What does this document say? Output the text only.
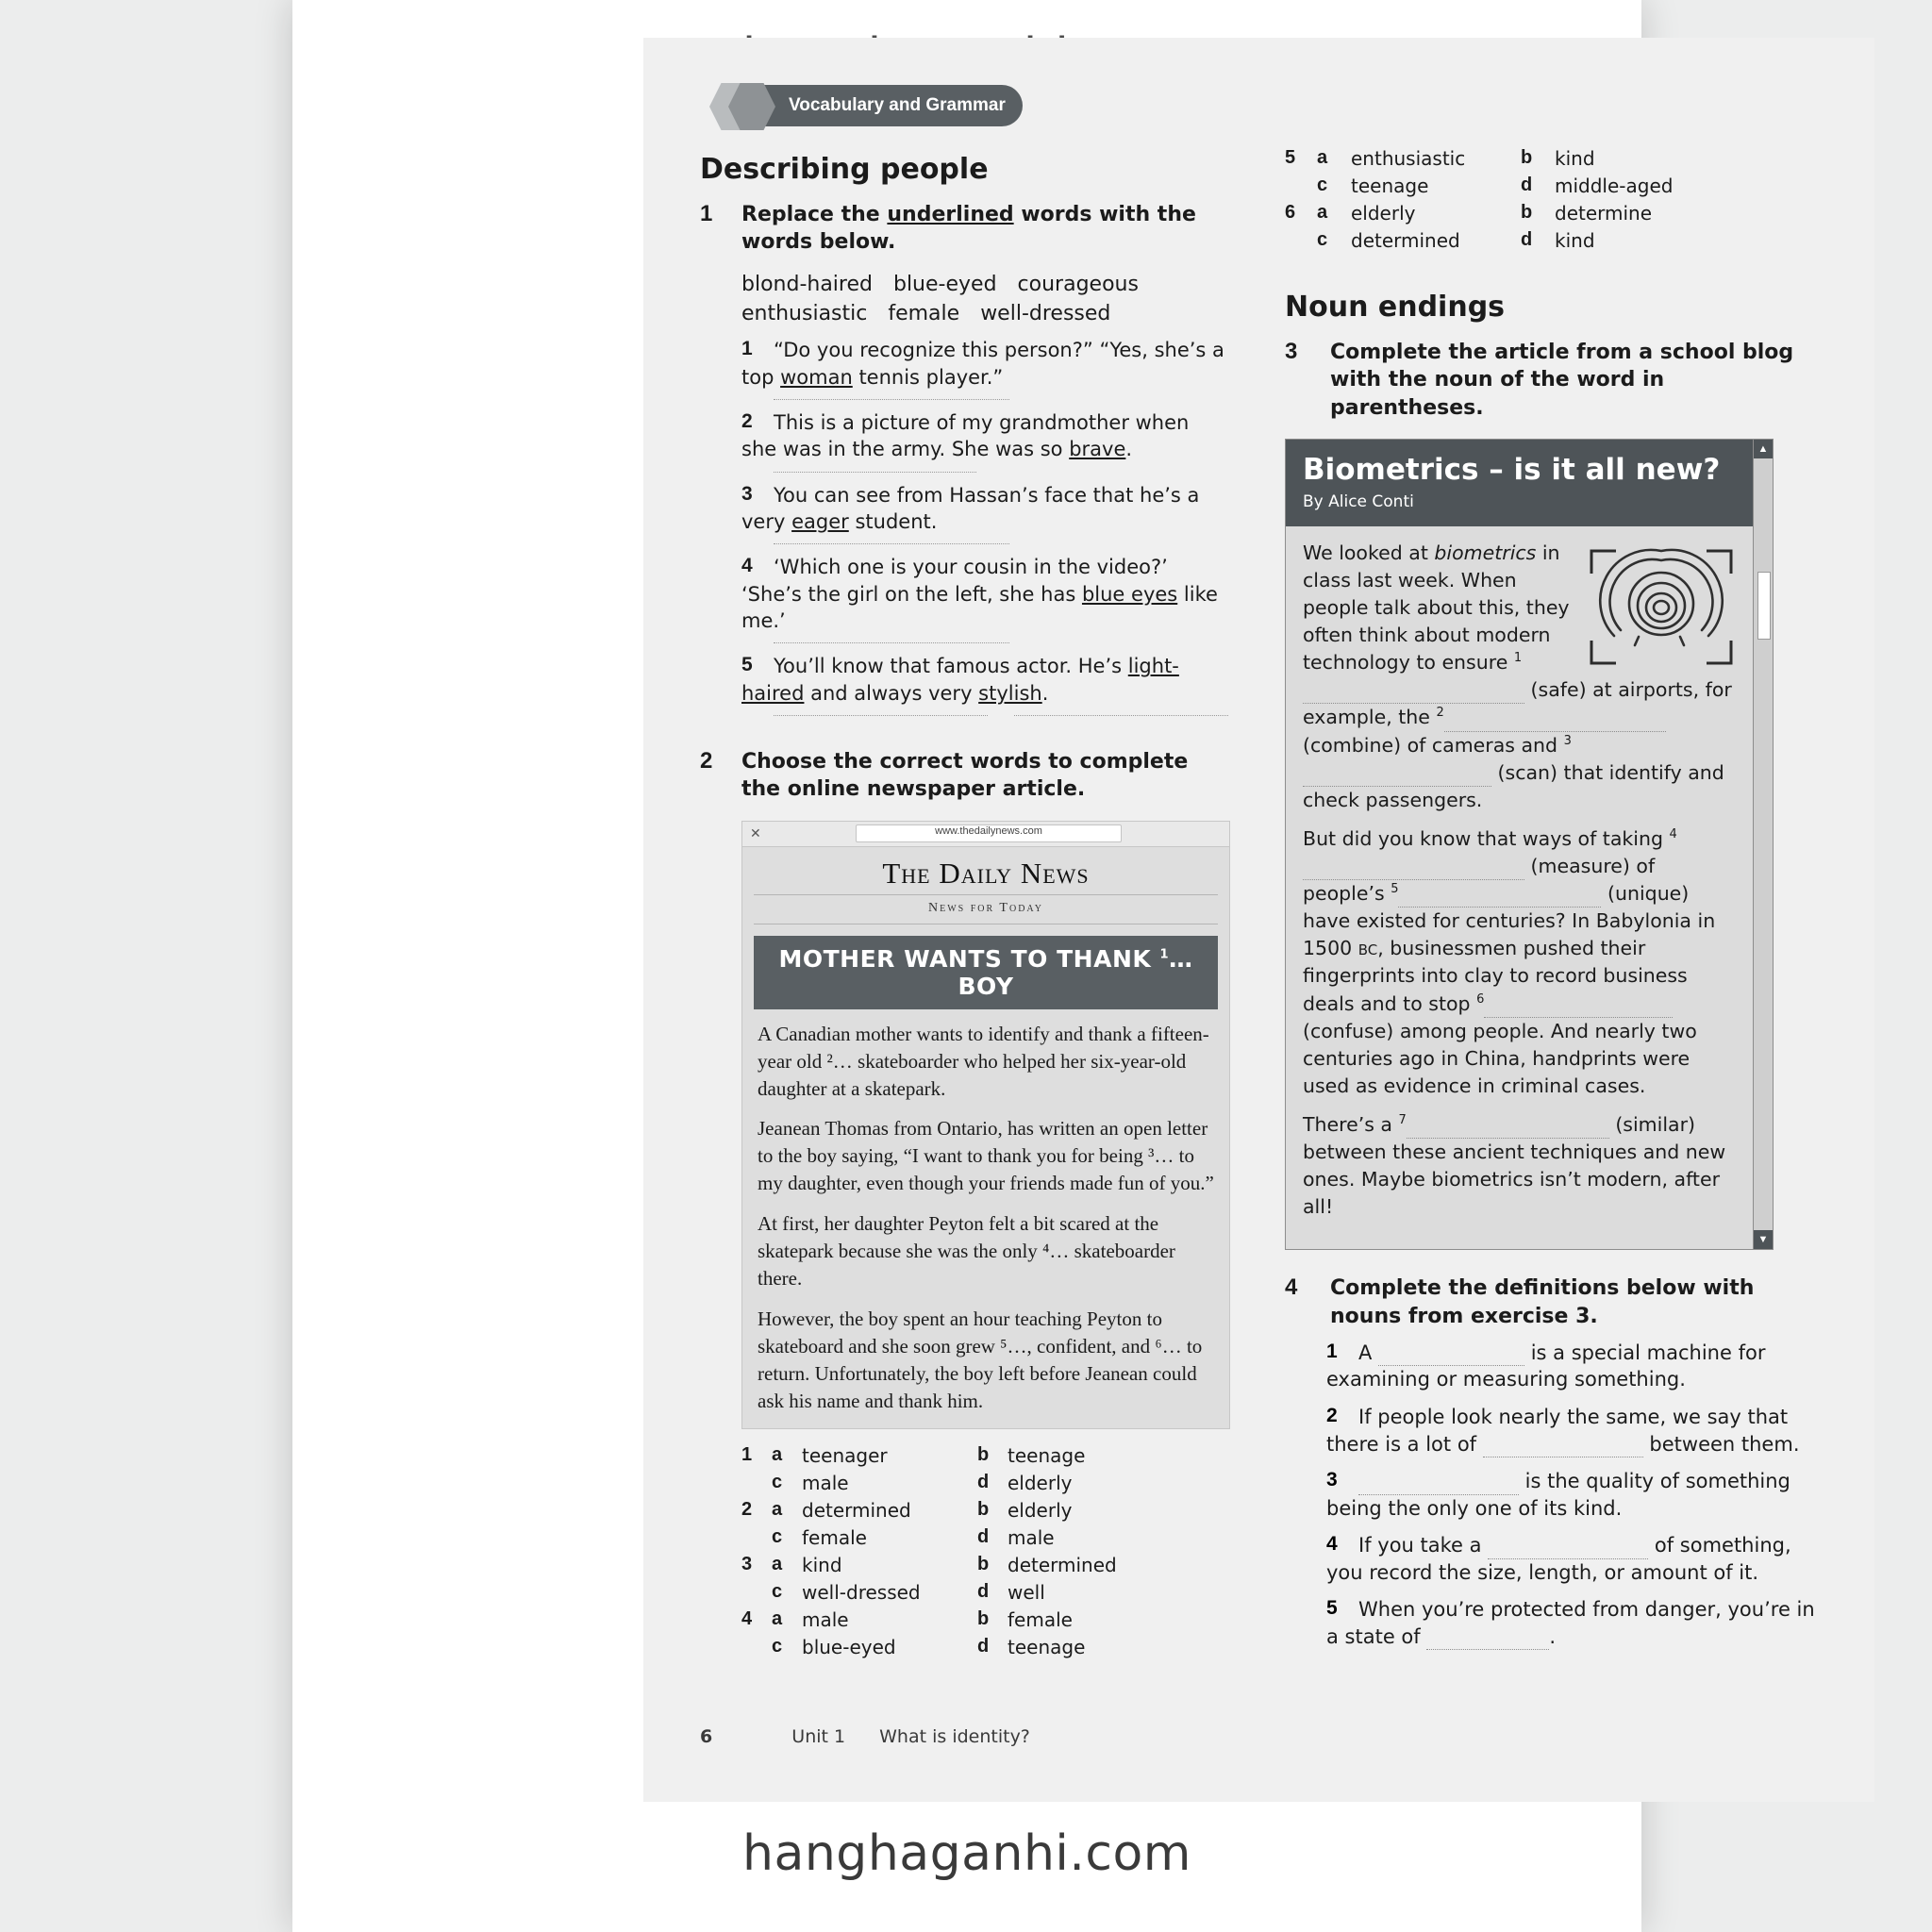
Vocabulary and Grammar
Describing people
1 Replace the underlined words with the words below.
blond-haired blue-eyed courageous
enthusiastic female well-dressed
1 “Do you recognize this person?” “Yes, she’s a top woman tennis player.”
2 This is a picture of my grandmother when she was in the army. She was so brave.
3 You can see from Hassan’s face that he’s a very eager student.
4 ‘Which one is your cousin in the video?’ ‘She’s the girl on the left, she has blue eyes like me.’
5 You’ll know that famous actor. He’s light-haired and always very stylish.
2 Choose the correct words to complete the online newspaper article.
✕	www.thedailynews.com
The Daily News
News for Today
MOTHER WANTS TO THANK $^1$… BOY

A Canadian mother wants to identify and thank a fifteen-year old ²… skateboarder who helped her six-year-old daughter at a skatepark.

Jeanean Thomas from Ontario, has written an open letter to the boy saying, “I want to thank you for being ³… to my daughter, even though your friends made fun of you.”

At first, her daughter Peyton felt a bit scared at the skatepark because she was the only ⁴… skateboarder there.

However, the boy spent an hour teaching Peyton to skateboard and she soon grew ⁵…, confident, and ⁶… to return. Unfortunately, the boy left before Jeanean could ask his name and thank him.

1 a teenager	b teenage
c male	d elderly
2 a determined	b elderly
c female	d male
3 a kind	b determined
c well-dressed	d well
4 a male	b female
c blue-eyed	d teenage
5 a enthusiastic	b kind
c teenage	d middle-aged
6 a elderly	b determine
c determined	d kind
Noun endings
3 Complete the article from a school blog with the noun of the word in parentheses.
Biometrics – is it all new?
By Alice Conti
▲
▼

We looked at biometrics in class last week. When people talk about this, they often think about modern technology to ensure $^1$ (safe) at airports, for example, the $^2$ (combine) of cameras and $^3$ (scan) that identify and check passengers.

But did you know that ways of taking $^4$ (measure) of people’s $^5$	(unique) have existed for centuries? In Babylonia in 1500 BC, businessmen pushed their fingerprints into clay to record business deals and to stop $^6$ (confuse) among people. And nearly two centuries ago in China, handprints were used as evidence in criminal cases.

There’s a $^7$	(similar) between these ancient techniques and new ones. Maybe biometrics isn’t modern, after all!

4 Complete the definitions below with nouns from exercise 3.
1 A	is a special machine for examining or measuring something.
2 If people look nearly the same, we say that there is a lot of	between them.
3	is the quality of something being the only one of its kind.
4 If you take a	of something, you record the size, length, or amount of it.
5 When you’re protected from danger, you’re in a state of	.
6	Unit 1 What is identity?
hanghaganhi.com
